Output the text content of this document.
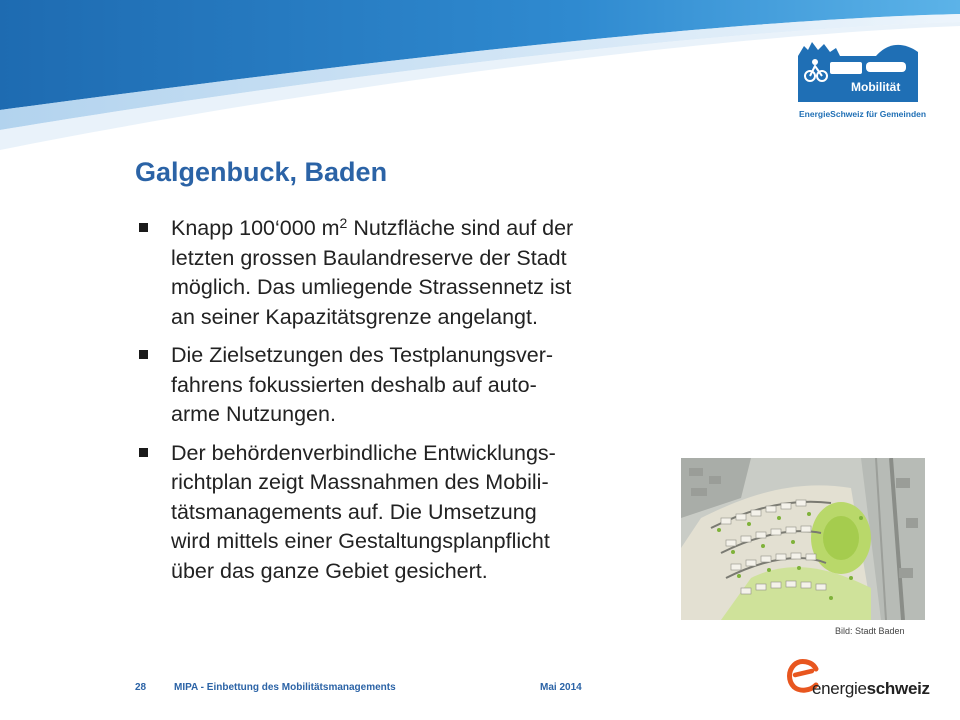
Mobilität
EnergieSchweiz für Gemeinden
Galgenbuck, Baden
Knapp 100‘000 $m^2$ Nutzfläche sind auf der
letzten grossen Baulandreserve der Stadt
möglich. Das umliegende Strassennetz ist
an seiner Kapazitätsgrenze angelangt.
Die Zielsetzungen des Testplanungsver-
fahrens fokussierten deshalb auf auto-
arme Nutzungen.
Der behördenverbindliche Entwicklungs-
richtplan zeigt Massnahmen des Mobili-
tätsmanagements auf. Die Umsetzung
wird mittels einer Gestaltungsplanpflicht
über das ganze Gebiet gesichert.
Bild: Stadt Baden
28	MIPA - Einbettung des Mobilitätsmanagements	Mai 2014	energieschweiz
